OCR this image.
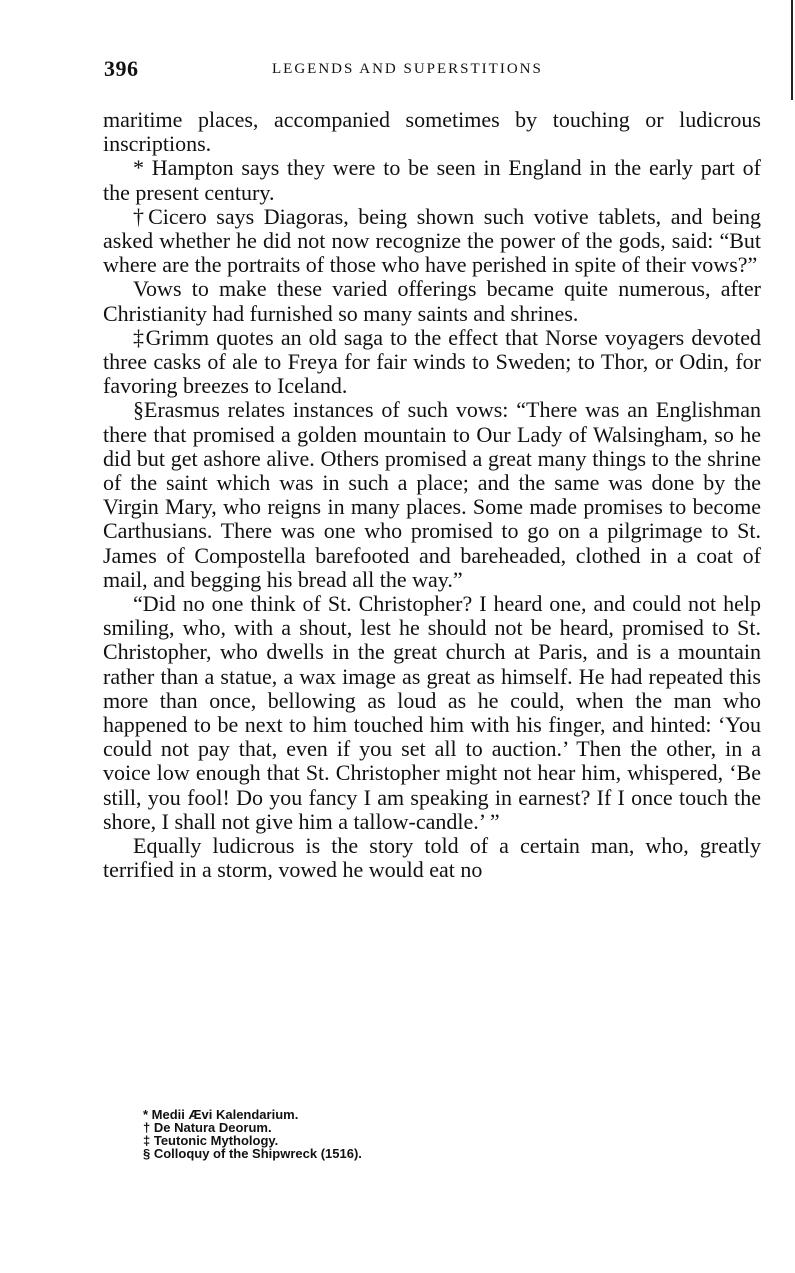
396	LEGENDS AND SUPERSTITIONS

maritime places, accompanied sometimes by touching or ludicrous inscriptions.

* Hampton says they were to be seen in England in the early part of the present century.

†Cicero says Diagoras, being shown such votive tablets, and being asked whether he did not now recognize the power of the gods, said: “But where are the portraits of those who have perished in spite of their vows?”

Vows to make these varied offerings became quite numerous, after Christianity had furnished so many saints and shrines.

‡Grimm quotes an old saga to the effect that Norse voyagers devoted three casks of ale to Freya for fair winds to Sweden; to Thor, or Odin, for favoring breezes to Iceland.

§Erasmus relates instances of such vows: “There was an Englishman there that promised a golden mountain to Our Lady of Walsingham, so he did but get ashore alive. Others promised a great many things to the shrine of the saint which was in such a place; and the same was done by the Virgin Mary, who reigns in many places. Some made promises to become Carthusians. There was one who promised to go on a pilgrimage to St. James of Compostella barefooted and bareheaded, clothed in a coat of mail, and begging his bread all the way.”

“Did no one think of St. Christopher? I heard one, and could not help smiling, who, with a shout, lest he should not be heard, promised to St. Christopher, who dwells in the great church at Paris, and is a mountain rather than a statue, a wax image as great as himself. He had repeated this more than once, bellowing as loud as he could, when the man who happened to be next to him touched him with his finger, and hinted: ‘You could not pay that, even if you set all to auction.’ Then the other, in a voice low enough that St. Christopher might not hear him, whispered, ‘Be still, you fool! Do you fancy I am speaking in earnest? If I once touch the shore, I shall not give him a tallow-candle.’ ”

Equally ludicrous is the story told of a certain man, who, greatly terrified in a storm, vowed he would eat no

* Medii Ævi Kalendarium.
† De Natura Deorum.
‡ Teutonic Mythology.
§ Colloquy of the Shipwreck (1516).
